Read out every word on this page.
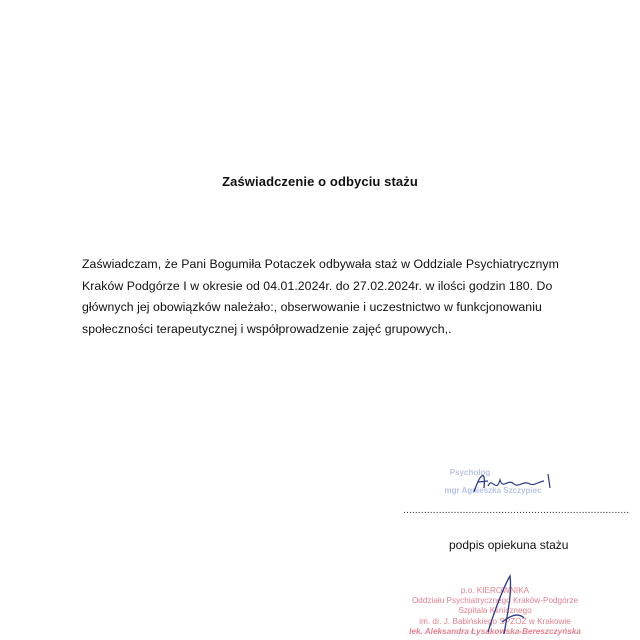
Zaświadczenie o odbyciu stażu
Zaświadczam, że Pani Bogumiła Potaczek odbywała staż w Oddziale Psychiatrycznym
Kraków Podgórze I w okresie od 04.01.2024r. do 27.02.2024r. w ilości godzin 180. Do
głównych jej obowiązków należało:, obserwowanie i uczestnictwo w funkcjonowaniu
społeczności terapeutycznej i współprowadzenie zajęć grupowych,.
Psycholog
mgr Agnieszka Szczypiec
............................................................................
podpis opiekuna stażu
p.o. KIEROWNIKA
Oddziału Psychiatrycznego Kraków-Podgórze
Szpitala Klinicznego
im. dr. J. Babińskiego SPZOZ w Krakowie
lek. Aleksandra Łysakowska-Bereszczyńska
